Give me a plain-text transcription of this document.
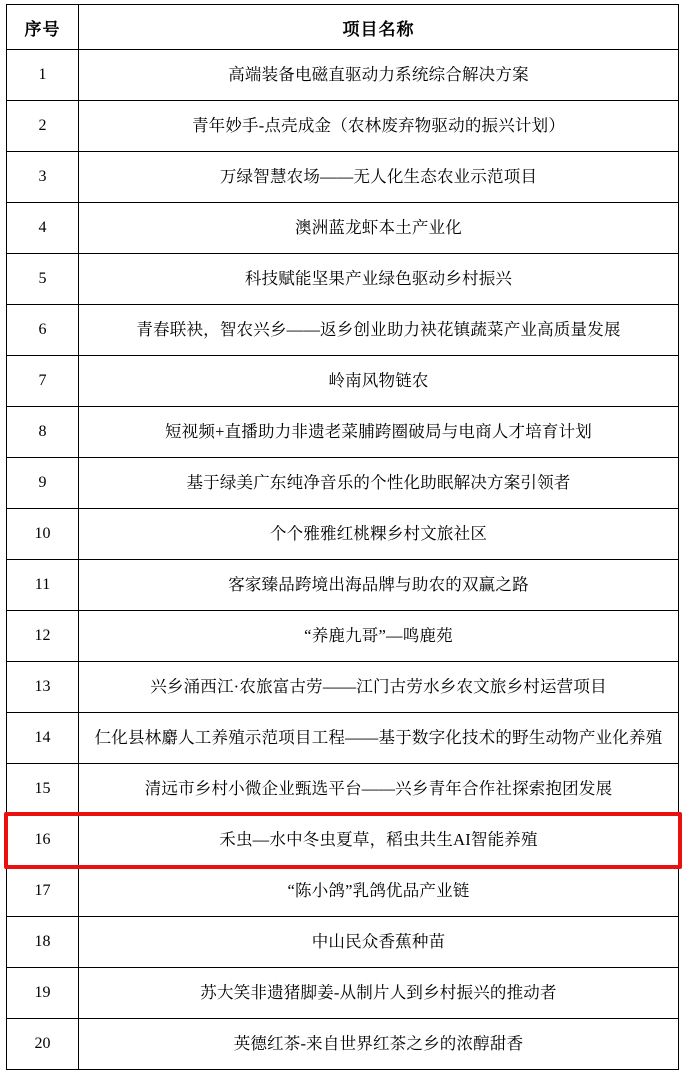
序号	项目名称
1	高端装备电磁直驱动力系统综合解决方案
2	青年妙手-点壳成金（农林废弃物驱动的振兴计划）
3	万绿智慧农场——无人化生态农业示范项目
4	澳洲蓝龙虾本土产业化
5	科技赋能坚果产业绿色驱动乡村振兴
6	青春联袂，智农兴乡——返乡创业助力袂花镇蔬菜产业高质量发展
7	岭南风物链农
8	短视频+直播助力非遗老菜脯跨圈破局与电商人才培育计划
9	基于绿美广东纯净音乐的个性化助眠解决方案引领者
10	个个雅雅红桃粿乡村文旅社区
11	客家臻品跨境出海品牌与助农的双赢之路
12	“养鹿九哥”—鸣鹿苑
13	兴乡涌西江·农旅富古劳——江门古劳水乡农文旅乡村运营项目
14	仁化县林麝人工养殖示范项目工程——基于数字化技术的野生动物产业化养殖
15	清远市乡村小微企业甄选平台——兴乡青年合作社探索抱团发展
16	禾虫—水中冬虫夏草，稻虫共生AI智能养殖
17	“陈小鸽”乳鸽优品产业链
18	中山民众香蕉种苗
19	苏大笑非遗猪脚姜-从制片人到乡村振兴的推动者
20	英德红茶-来自世界红茶之乡的浓醇甜香
